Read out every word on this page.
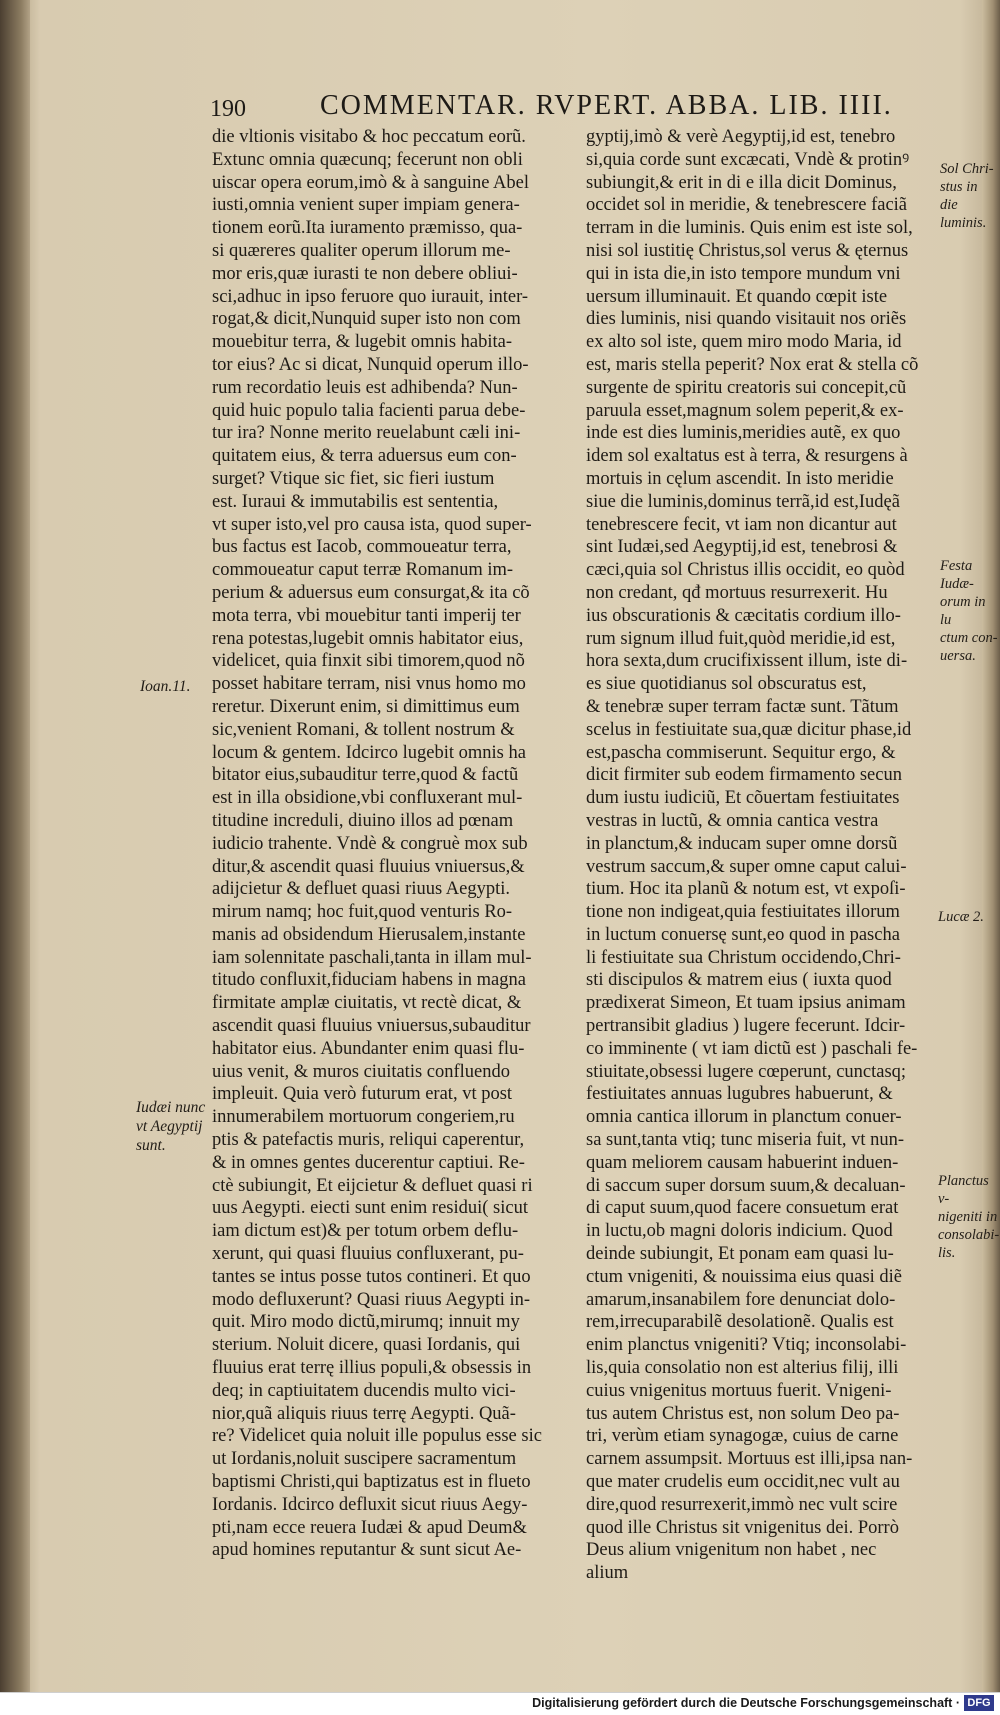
190	COMMENTAR. RVPERT. ABBA. LIB. IIII.
die vltionis visitabo & hoc peccatum eorũ.
Extunc omnia quæcunq; fecerunt non obli
uiscar opera eorum,imò & à sanguine Abel
iusti,omnia venient super impiam genera-
tionem eorũ.Ita iuramento præmisso, qua-
si quæreres qualiter operum illorum me-
mor eris,quæ iurasti te non debere obliui-
sci,adhuc in ipso feruore quo iurauit, inter-
rogat,& dicit,Nunquid super isto non com
mouebitur terra, & lugebit omnis habita-
tor eius? Ac si dicat, Nunquid operum illo-
rum recordatio leuis est adhibenda? Nun-
quid huic populo talia facienti parua debe-
tur ira? Nonne merito reuelabunt cæli ini-
quitatem eius, & terra aduersus eum con-
surget? Vtique sic fiet, sic fieri iustum
est. Iuraui & immutabilis est sententia,
vt super isto,vel pro causa ista, quod super-
bus factus est Iacob, commoueatur terra,
commoueatur caput terræ Romanum im-
perium & aduersus eum consurgat,& ita cõ
mota terra, vbi mouebitur tanti imperij ter
rena potestas,lugebit omnis habitator eius,
videlicet, quia finxit sibi timorem,quod nõ
posset habitare terram, nisi vnus homo mo
reretur. Dixerunt enim, si dimittimus eum
sic,venient Romani, & tollent nostrum &
locum & gentem. Idcirco lugebit omnis ha
bitator eius,subauditur terre,quod & factũ
est in illa obsidione,vbi confluxerant mul-
titudine increduli, diuino illos ad pœnam
iudicio trahente. Vndè & congruè mox sub
ditur,& ascendit quasi fluuius vniuersus,&
adijcietur & defluet quasi riuus Aegypti.
mirum namq; hoc fuit,quod venturis Ro-
manis ad obsidendum Hierusalem,instante
iam solennitate paschali,tanta in illam mul-
titudo confluxit,fiduciam habens in magna
firmitate amplæ ciuitatis, vt rectè dicat, &
ascendit quasi fluuius vniuersus,subauditur
habitator eius. Abundanter enim quasi flu-
uius venit, & muros ciuitatis confluendo
impleuit. Quia verò futurum erat, vt post
innumerabilem mortuorum congeriem,ru
ptis & patefactis muris, reliqui caperentur,
& in omnes gentes ducerentur captiui. Re-
ctè subiungit, Et eijcietur & defluet quasi ri
uus Aegypti. eiecti sunt enim residui( sicut
iam dictum est)& per totum orbem deflu-
xerunt, qui quasi fluuius confluxerant, pu-
tantes se intus posse tutos contineri. Et quo
modo defluxerunt? Quasi riuus Aegypti in-
quit. Miro modo dictũ,mirumq; innuit my
sterium. Noluit dicere, quasi Iordanis, qui
fluuius erat terrę illius populi,& obsessis in
deq; in captiuitatem ducendis multo vici-
nior,quã aliquis riuus terrę Aegypti. Quã-
re? Videlicet quia noluit ille populus esse sic
ut Iordanis,noluit suscipere sacramentum
baptismi Christi,qui baptizatus est in flueto
Iordanis. Idcirco defluxit sicut riuus Aegy-
pti,nam ecce reuera Iudæi & apud Deum&
apud homines reputantur & sunt sicut Ae-
gyptij,imò & verè Aegyptij,id est, tenebro
si,quia corde sunt excæcati, Vndè & protinꝰ
subiungit,& erit in di e illa dicit Dominus,
occidet sol in meridie, & tenebrescere faciã
terram in die luminis. Quis enim est iste sol,
nisi sol iustitię Christus,sol verus & ęternus
qui in ista die,in isto tempore mundum vni
uersum illuminauit. Et quando cœpit iste
dies luminis, nisi quando visitauit nos oriẽs
ex alto sol iste, quem miro modo Maria, id
est, maris stella peperit? Nox erat & stella cõ
surgente de spiritu creatoris sui concepit,cũ
paruula esset,magnum solem peperit,& ex-
inde est dies luminis,meridies autẽ, ex quo
idem sol exaltatus est à terra, & resurgens à
mortuis in cęlum ascendit. In isto meridie
siue die luminis,dominus terrã,id est,Iudęã
tenebrescere fecit, vt iam non dicantur aut
sint Iudæi,sed Aegyptij,id est, tenebrosi &
cæci,quia sol Christus illis occidit, eo quòd
non credant, qđ mortuus resurrexerit. Hu
ius obscurationis & cæcitatis cordium illo-
rum signum illud fuit,quòd meridie,id est,
hora sexta,dum crucifixissent illum, iste di-
es siue quotidianus sol obscuratus est,
& tenebræ super terram factæ sunt. Tãtum
scelus in festiuitate sua,quæ dicitur phase,id
est,pascha commiserunt. Sequitur ergo, &
dicit firmiter sub eodem firmamento secun
dum iustu iudiciũ, Et cõuertam festiuitates
vestras in luctũ, & omnia cantica vestra
in planctum,& inducam super omne dorsũ
vestrum saccum,& super omne caput calui-
tium. Hoc ita planũ & notum est, vt expoſi-
tione non indigeat,quia festiuitates illorum
in luctum conuersę sunt,eo quod in pascha
li festiuitate sua Christum occidendo,Chri-
sti discipulos & matrem eius ( iuxta quod
prædixerat Simeon, Et tuam ipsius animam
pertransibit gladius ) lugere fecerunt. Idcir-
co imminente ( vt iam dictũ est ) paschali fe-
stiuitate,obsessi lugere cœperunt, cunctasq;
festiuitates annuas lugubres habuerunt, &
omnia cantica illorum in planctum conuer-
sa sunt,tanta vtiq; tunc miseria fuit, vt nun-
quam meliorem causam habuerint induen-
di saccum super dorsum suum,& decaluan-
di caput suum,quod facere consuetum erat
in luctu,ob magni doloris indicium. Quod
deinde subiungit, Et ponam eam quasi lu-
ctum vnigeniti, & nouissima eius quasi diẽ
amarum,insanabilem fore denunciat dolo-
rem,irrecuparabilẽ desolationẽ. Qualis est
enim planctus vnigeniti? Vtiq; inconsolabi-
lis,quia consolatio non est alterius filij, illi
cuius vnigenitus mortuus fuerit. Vnigeni-
tus autem Christus est, non solum Deo pa-
tri, verùm etiam synagogæ, cuius de carne
carnem assumpsit. Mortuus est illi,ipsa nan-
que mater crudelis eum occidit,nec vult au
dire,quod resurrexerit,immò nec vult scire
quod ille Christus sit vnigenitus dei. Porrò
Deus alium vnigenitum non habet , nec
alium
Ioan.11.
Iudæi nunc
vt Aegyptij
sunt.
Sol Chri-
stus in die
luminis.
Festa Iudæ-
orum in lu
ctum con-
uersa.
Lucæ 2.
Planctus v-
nigeniti in
consolabi-
lis.
Digitalisierung gefördert durch die Deutsche Forschungsgemeinschaft · DFG
